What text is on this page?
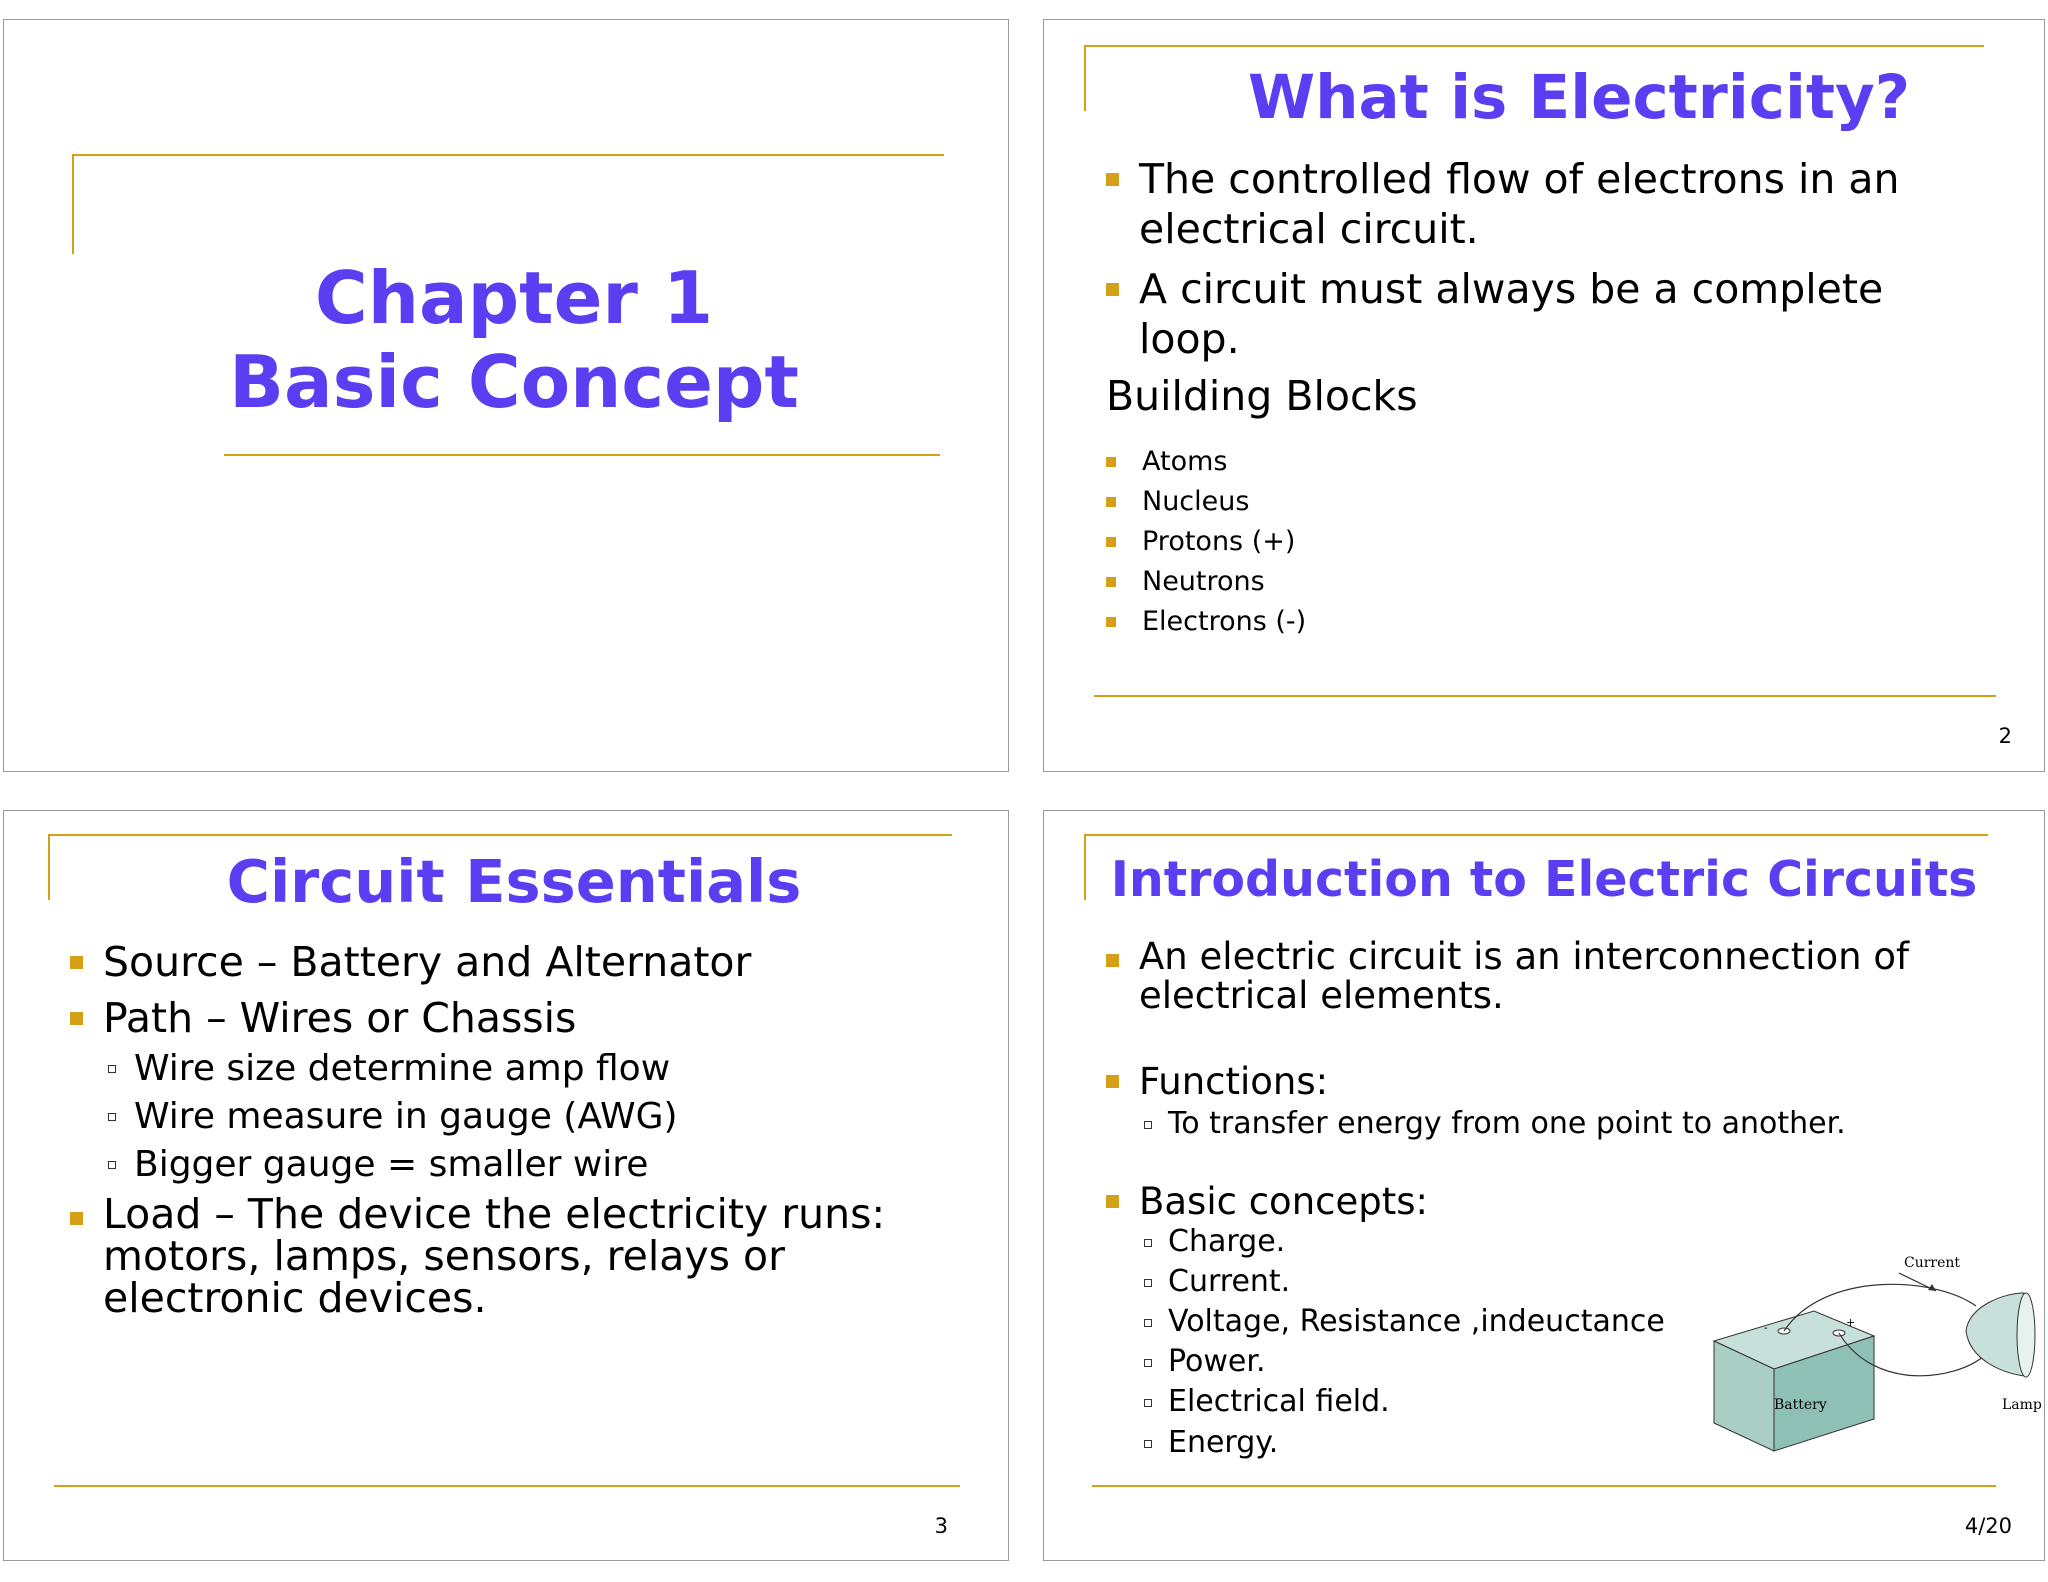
Chapter 1
Basic Concept
What is Electricity?
The controlled flow of electrons in an electrical circuit.
A circuit must always be a complete loop.
Building Blocks
Atoms
Nucleus
Protons (+)
Neutrons
Electrons (-)
2
Circuit Essentials
Source – Battery and Alternator
Path – Wires or Chassis
Wire size determine amp flow
Wire measure in gauge (AWG)
Bigger gauge = smaller wire
Load – The device the electricity runs: motors, lamps, sensors, relays or electronic devices.
3
Introduction to Electric Circuits
An electric circuit is an interconnection of electrical elements.
Functions:
To transfer energy from one point to another.
Basic concepts:
Charge.
Current.
Voltage, Resistance ,indeuctance
Power.
Electrical field.
Energy.
+
-
Current
Battery	Lamp
4/20
